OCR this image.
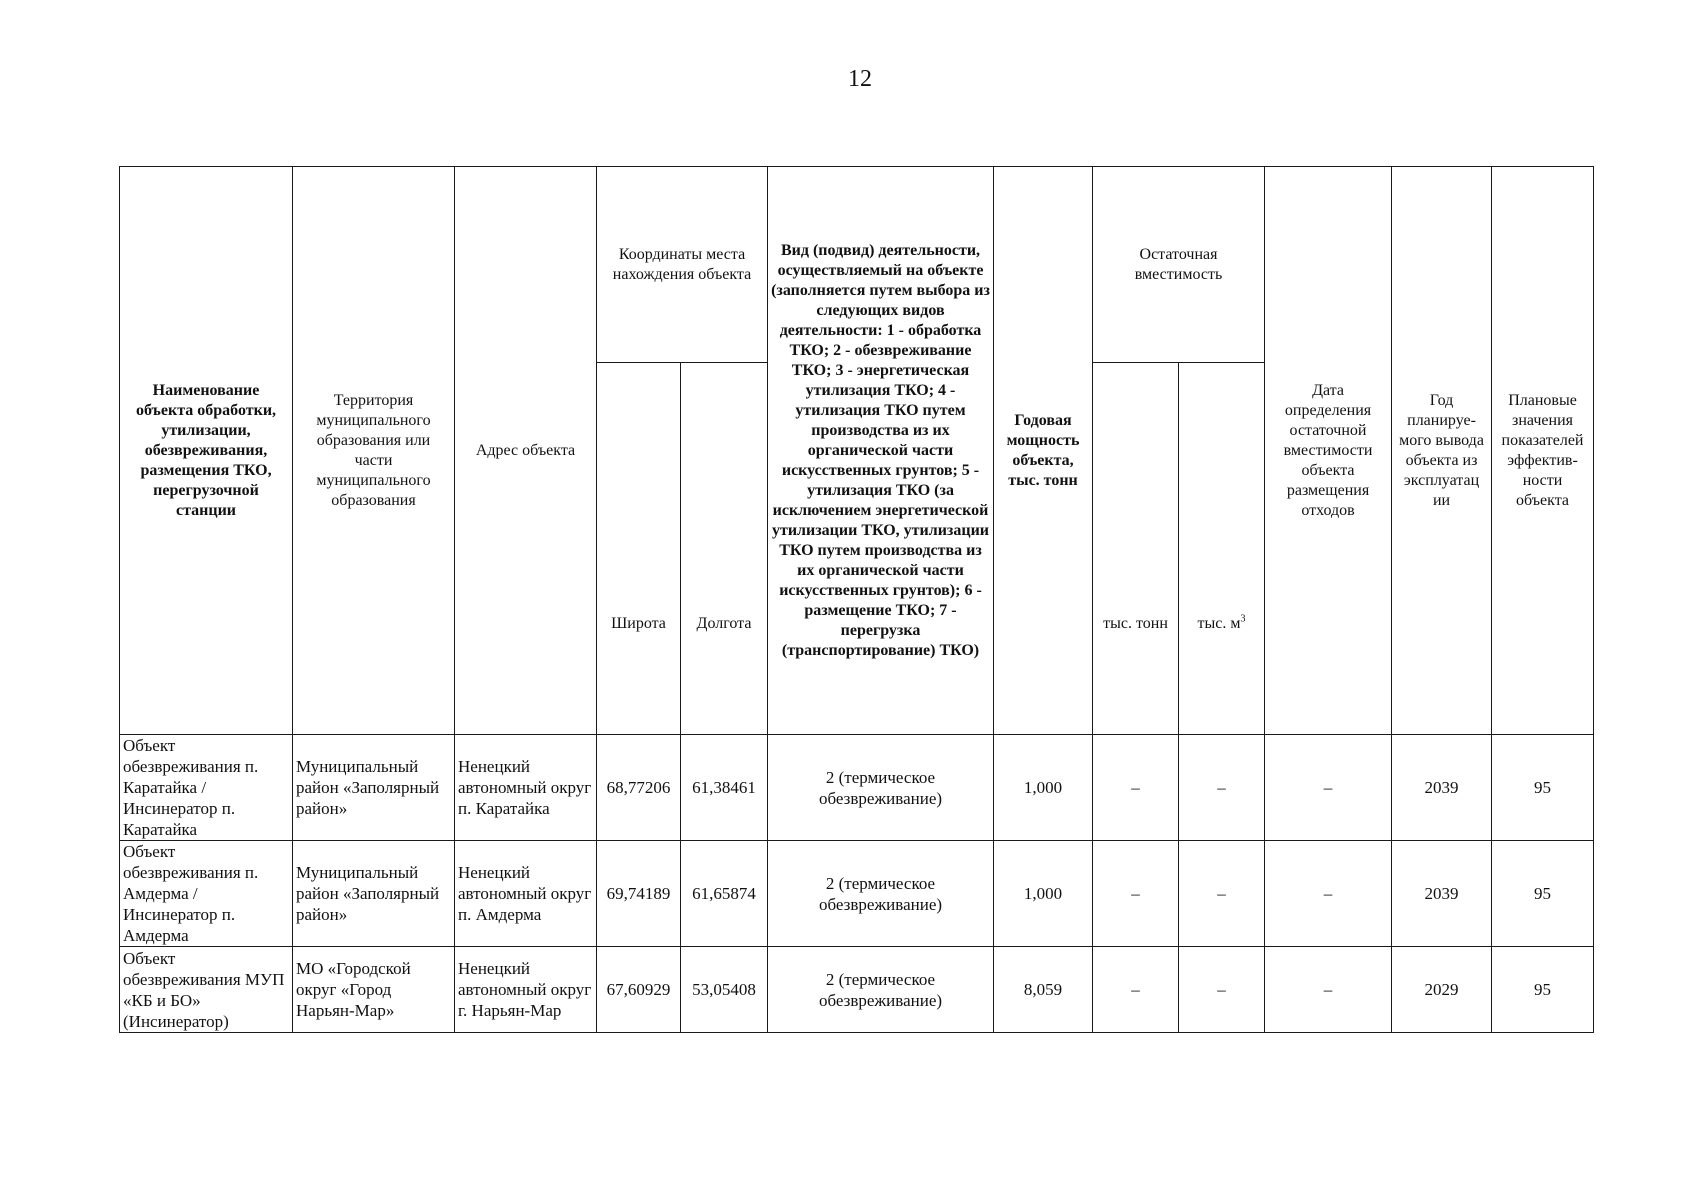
12
Наименование объекта обработки, утилизации, обезвреживания, размещения ТКО, перегрузочной станции	Территория муниципального образования или части муниципального образования	Адрес объекта	Координаты места нахождения объекта		Вид (подвид) деятельности, осуществляемый на объекте (заполняется путем выбора из следующих видов деятельности: 1 - обработка ТКО; 2 - обезвреживание ТКО; 3 - энергетическая утилизация ТКО; 4 - утилизация ТКО путем производства из их органической части искусственных грунтов; 5 - утилизация ТКО (за исключением энергетической утилизации ТКО, утилизации ТКО путем производства из их органической части искусственных грунтов); 6 - размещение ТКО; 7 - перегрузка (транспортирование) ТКО)	Годовая мощность объекта, тыс. тонн	Остаточная вместимость		Дата определения остаточной вместимости объекта размещения отходов	Год планируе-мого вывода объекта из эксплуатац ии	Плановые значения показателей эффектив-ности объекта
			Широта	Долгота			тыс. тонн	тыс. $м^3$
Объект обезвреживания п. Каратайка / Инсинератор п. Каратайка	Муниципальный район «Заполярный район»	Ненецкий автономный округ п. Каратайка	68,77206	61,38461	2 (термическое обезвреживание)	1,000	–	–	–	2039	95
Объект обезвреживания п. Амдерма / Инсинератор п. Амдерма	Муниципальный район «Заполярный район»	Ненецкий автономный округ п. Амдерма	69,74189	61,65874	2 (термическое обезвреживание)	1,000	–	–	–	2039	95
Объект обезвреживания МУП «КБ и БО» (Инсинератор)	МО «Городской округ «Город Нарьян-Мар»	Ненецкий автономный округ г. Нарьян-Мар	67,60929	53,05408	2 (термическое обезвреживание)	8,059	–	–	–	2029	95
